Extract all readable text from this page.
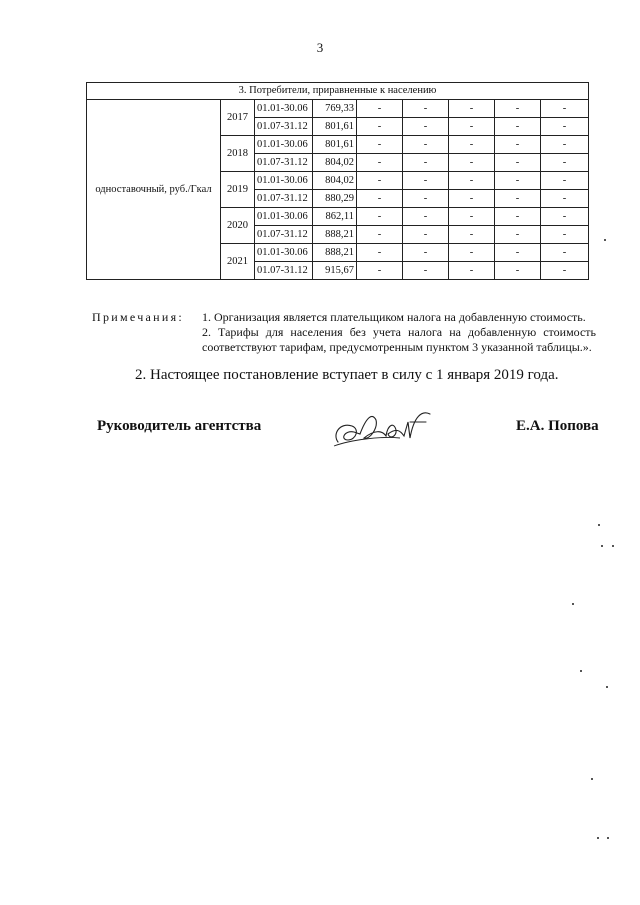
3
3. Потребители, приравненные к населению								
одноставочный, руб./Гкал	2017	01.01-30.06	769,33	-	-	-	-	-
		01.07-31.12	801,61	-	-	-	-	-
	2018	01.01-30.06	801,61	-	-	-	-	-
		01.07-31.12	804,02	-	-	-	-	-
	2019	01.01-30.06	804,02	-	-	-	-	-
		01.07-31.12	880,29	-	-	-	-	-
	2020	01.01-30.06	862,11	-	-	-	-	-
		01.07-31.12	888,21	-	-	-	-	-
	2021	01.01-30.06	888,21	-	-	-	-	-
		01.07-31.12	915,67	-	-	-	-	-
Примечания: 1. Организация является плательщиком налога на добавленную стоимость.

2. Тарифы для населения без учета налога на добавленную стоимость соответствуют тарифам, предусмотренным пунктом 3 указанной таблицы.».

2. Настоящее постановление вступает в силу с 1 января 2019 года.
Руководитель агентства	Е.А. Попова
